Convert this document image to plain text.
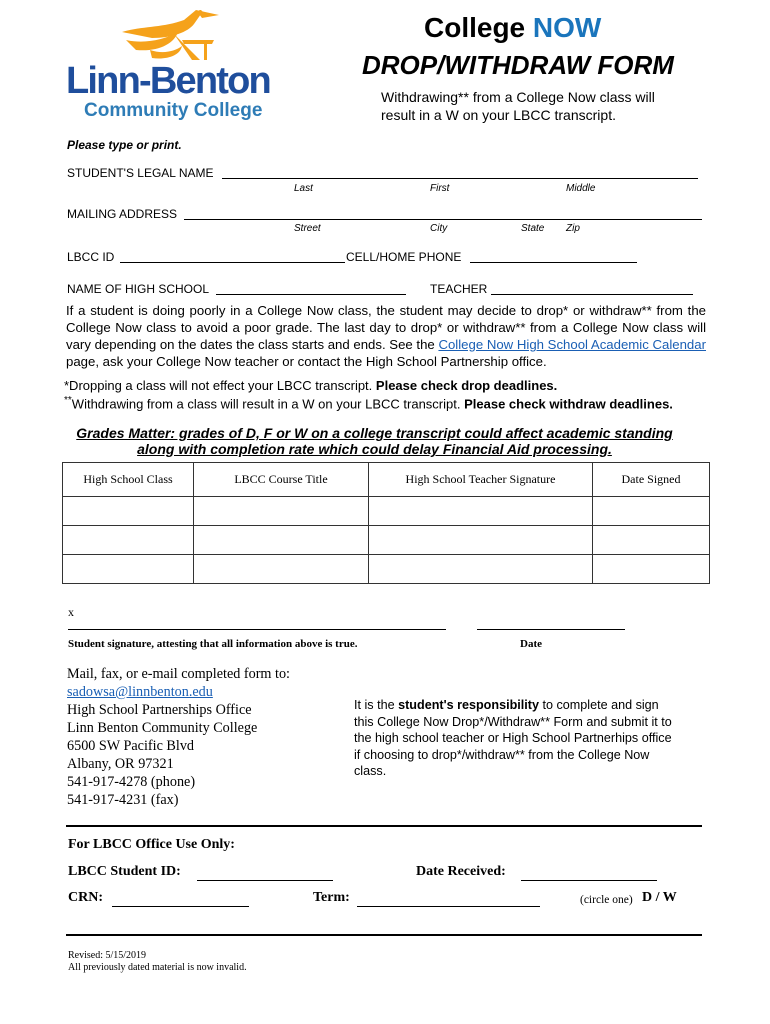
Linn-Benton
Community College
College NOW
DROP/WITHDRAW FORM
Withdrawing** from a College Now class will result in a W on your LBCC transcript.
Please type or print.
STUDENT'S LEGAL NAME
Last	First	Middle
MAILING ADDRESS
Street	City	State Zip
LBCC ID	CELL/HOME PHONE
NAME OF HIGH SCHOOL	TEACHER
If a student is doing poorly in a College Now class, the student may decide to drop* or withdraw** from the College Now class to avoid a poor grade. The last day to drop* or withdraw** from a College Now class will vary depending on the dates the class starts and ends. See the College Now High School Academic Calendar page, ask your College Now teacher or contact the High School Partnership office.
*Dropping a class will not effect your LBCC transcript. Please check drop deadlines.
**Withdrawing from a class will result in a W on your LBCC transcript. Please check withdraw deadlines.
Grades Matter: grades of D, F or W on a college transcript could affect academic standing
along with completion rate which could delay Financial Aid processing.
High School Class	LBCC Course Title	High School Teacher Signature	Date Signed

x
Student signature, attesting that all information above is true.	Date
Mail, fax, or e-mail completed form to:
sadowsa@linnbenton.edu
High School Partnerships Office
Linn Benton Community College
6500 SW Pacific Blvd
Albany, OR 97321
541-917-4278 (phone)
541-917-4231 (fax)
It is the student's responsibility to complete and sign this College Now Drop*/Withdraw** Form and submit it to the high school teacher or High School Partnerhips office if choosing to drop*/withdraw** from the College Now class.
For LBCC Office Use Only:
LBCC Student ID:	Date Received:
CRN:	Term:	(circle one) D / W
Revised: 5/15/2019
All previously dated material is now invalid.
